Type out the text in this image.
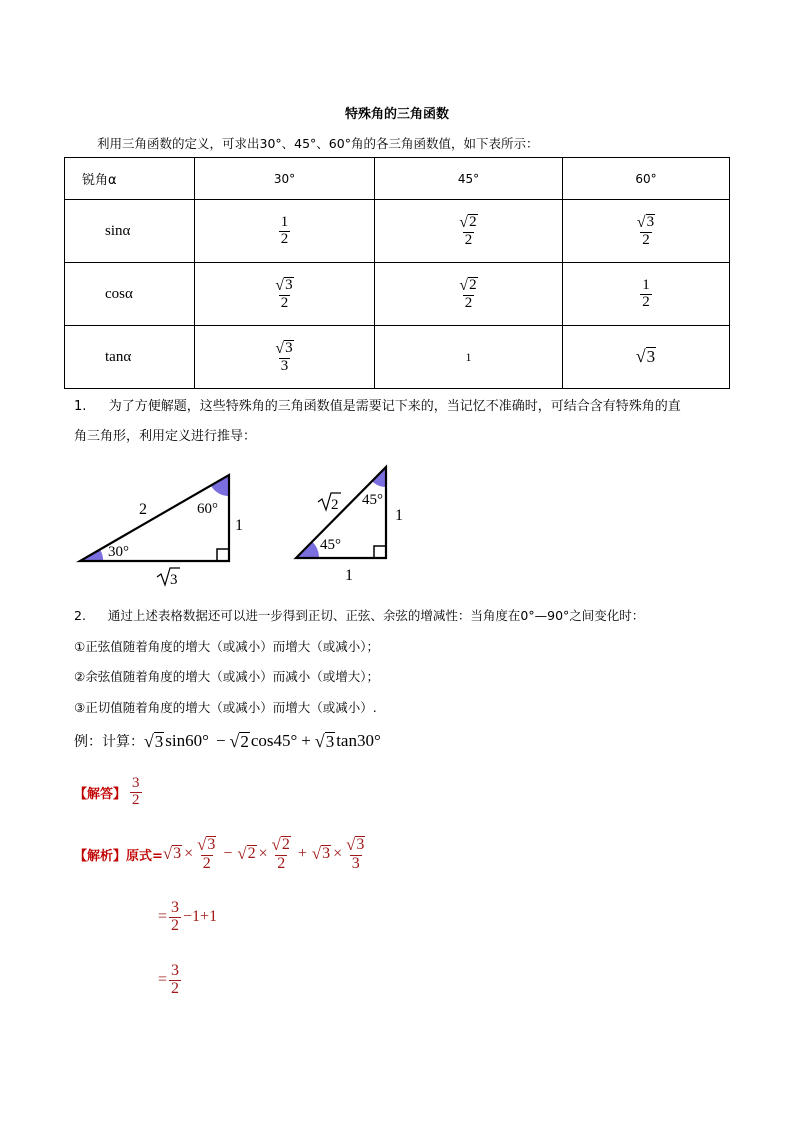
特殊角的三角函数
利用三角函数的定义，可求出30°、45°、60°角的各三角函数值，如下表所示：
锐角α	30°	45°	60°
sinα	$\frac{1}{2}$	$\frac{√ 2}{2}$	$\frac{√ 3}{2}$

cosα	$\frac{√ 3}{2}$	$\frac{√ 2}{2}$	$\frac{1}{2}$

tanα	$\frac{√ 3}{3}$	1	√ 3
1. 为了方便解题，这些特殊角的三角函数值是需要记下来的，当记忆不准确时，可结合含有特殊角的直
角三角形，利用定义进行推导：
2	60°
30°
1
3
2 45°
45°
1
1
2. 通过上述表格数据还可以进一步得到正切、正弦、余弦的增减性：当角度在0°—90°之间变化时：
①正弦值随着角度的增大（或减小）而增大（或减小）；
②余弦值随着角度的增大（或减小）而减小（或增大）；
③正切值随着角度的增大（或减小）而增大（或减小）.
例：计算： √ 3 sin60° − √ 2 cos45° + √ 3 tan30°
【解答】 $\frac{3}{2}$
【解析】 原式= √ $3 \times \frac{√ 3}{2}$ − √ $2 \times \frac{√ 2}{2}$ + √ $3 \times \frac{√ 3}{3}$
= $\frac{3}{2} -1+1$
= $\frac{3}{2}$
